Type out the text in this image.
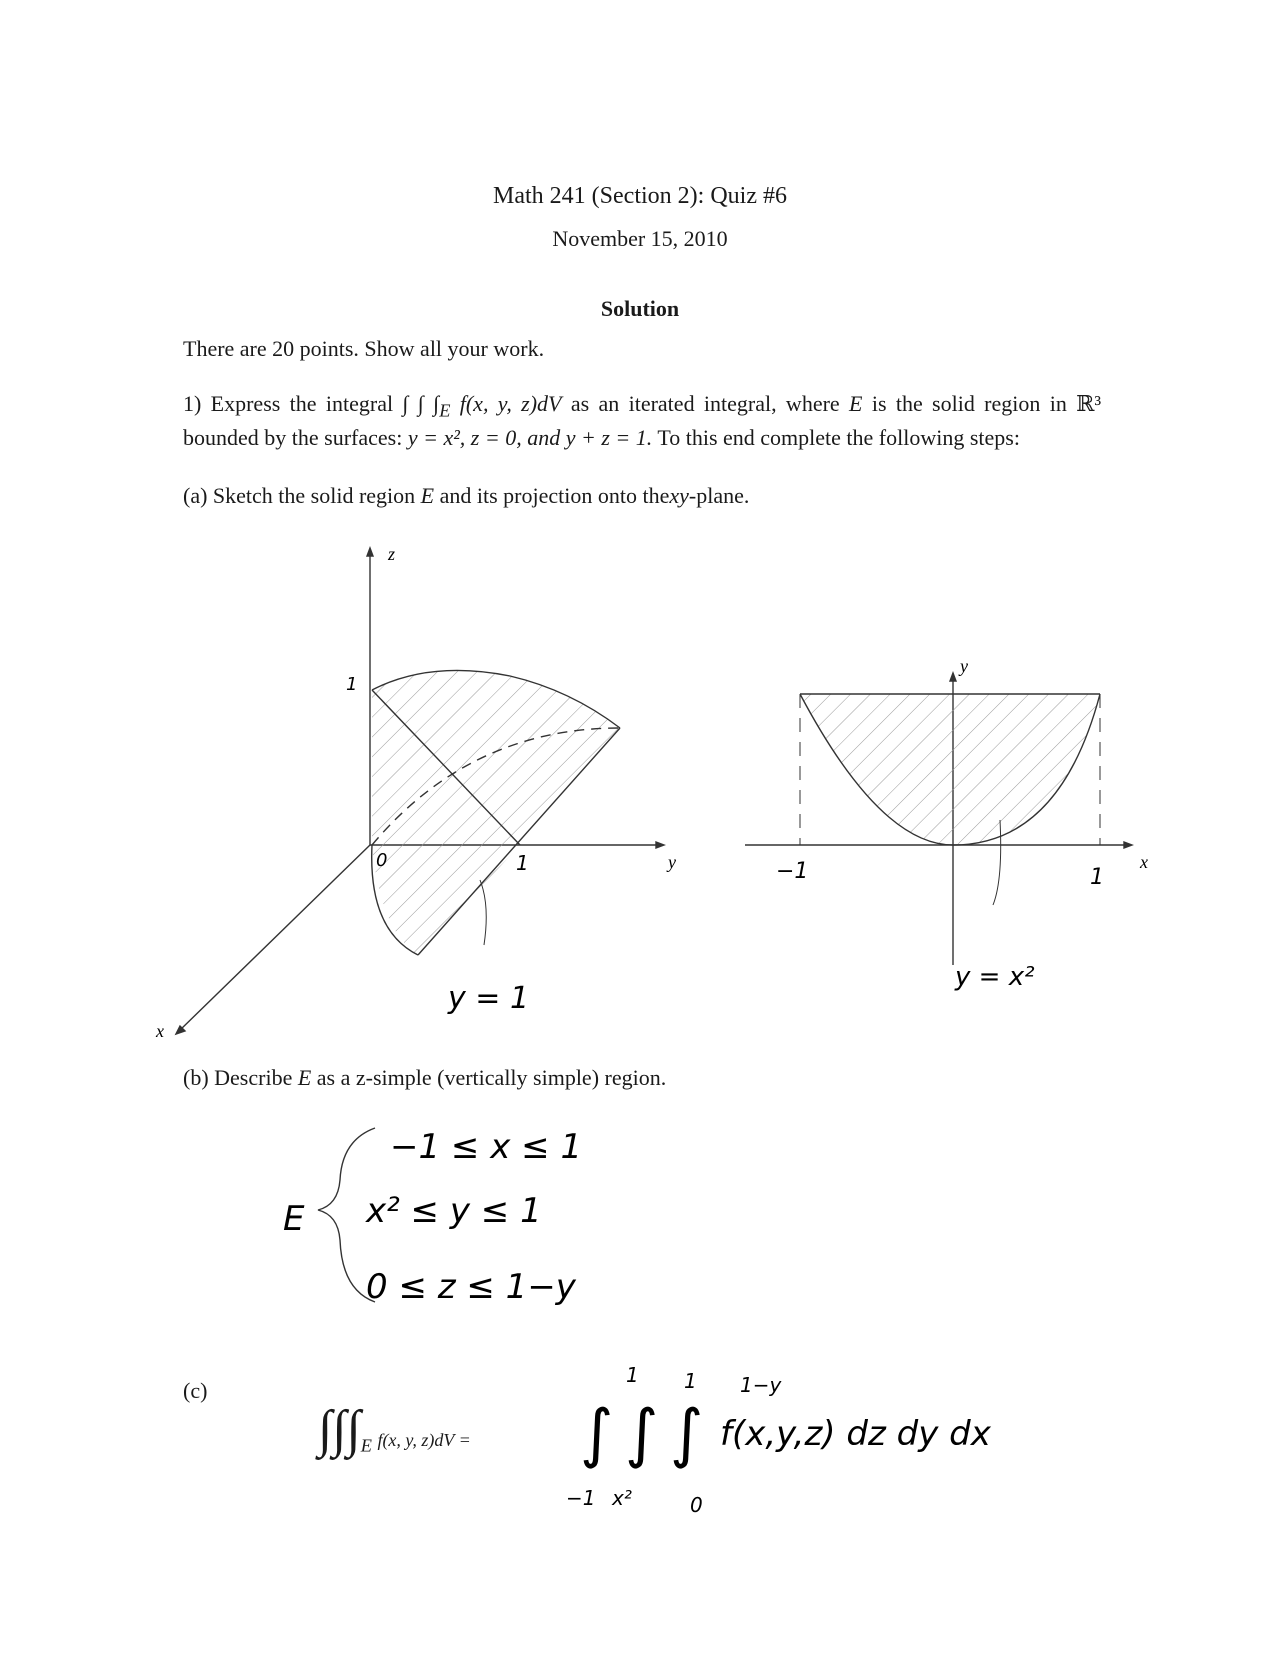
Math 241 (Section 2): Quiz #6
November 15, 2010
Solution
There are 20 points. Show all your work.
1) Express the integral ∫ ∫ $\int_E$ f(x, y, z)dV as an iterated integral, where E is the solid region in ℝ³ bounded by the surfaces: y = x², z = 0, and y + z = 1. To this end complete the following steps:
(a) Sketch the solid region E and its projection onto thexy-plane.
z
y
x
1
1
0
y = 1
y
x
−1	1
y = x²
E
−1 ≤ x ≤ 1
x² ≤ y ≤ 1
0 ≤ z ≤ 1−y
∫ ∫ ∫
1 1 1−y
−1 x²	0
f(x,y,z) dz dy dx
(b) Describe E as a z-simple (vertically simple) region.
(c)
$\int\int\int_E$ f(x, y, z)dV =
